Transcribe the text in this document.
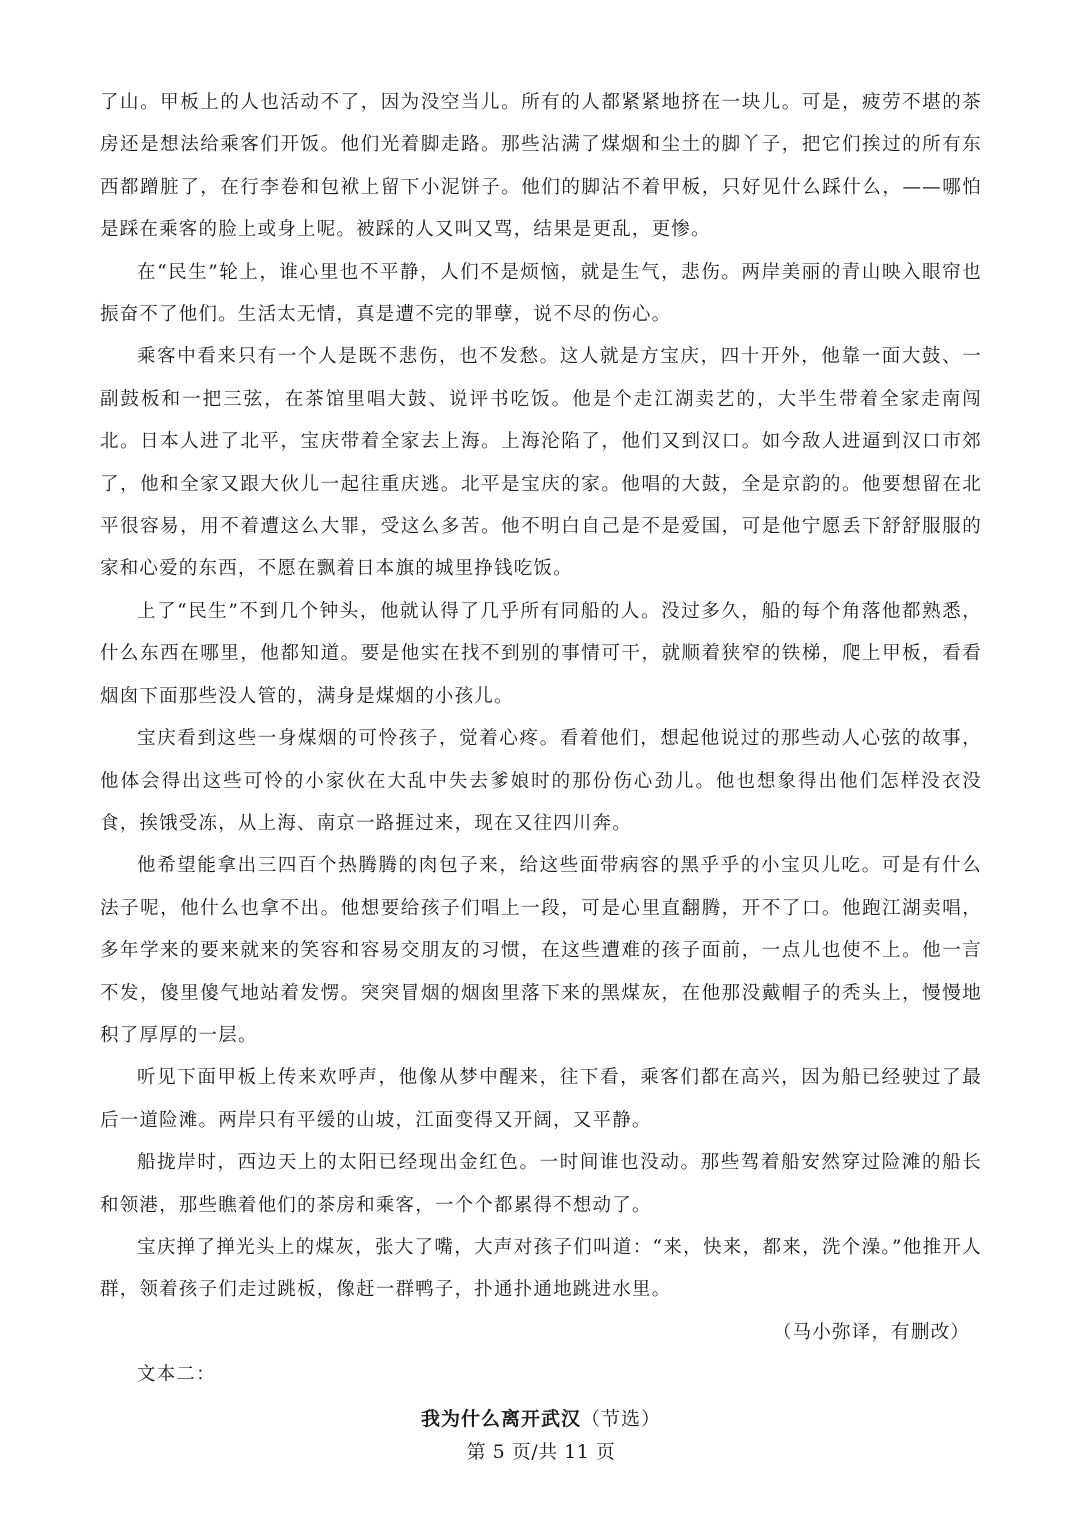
了山。甲板上的人也活动不了，因为没空当儿。所有的人都紧紧地挤在一块儿。可是，疲劳不堪的茶房还是想法给乘客们开饭。他们光着脚走路。那些沾满了煤烟和尘土的脚丫子，把它们挨过的所有东西都蹭脏了，在行李卷和包袱上留下小泥饼子。他们的脚沾不着甲板，只好见什么踩什么，——哪怕是踩在乘客的脸上或身上呢。被踩的人又叫又骂，结果是更乱，更惨。

在“民生”轮上，谁心里也不平静，人们不是烦恼，就是生气，悲伤。两岸美丽的青山映入眼帘也振奋不了他们。生活太无情，真是遭不完的罪孽，说不尽的伤心。

乘客中看来只有一个人是既不悲伤，也不发愁。这人就是方宝庆，四十开外，他靠一面大鼓、一副鼓板和一把三弦，在茶馆里唱大鼓、说评书吃饭。他是个走江湖卖艺的，大半生带着全家走南闯北。日本人进了北平，宝庆带着全家去上海。上海沦陷了，他们又到汉口。如今敌人进逼到汉口市郊了，他和全家又跟大伙儿一起往重庆逃。北平是宝庆的家。他唱的大鼓，全是京韵的。他要想留在北平很容易，用不着遭这么大罪，受这么多苦。他不明白自己是不是爱国，可是他宁愿丢下舒舒服服的家和心爱的东西，不愿在飘着日本旗的城里挣钱吃饭。

上了“民生”不到几个钟头，他就认得了几乎所有同船的人。没过多久，船的每个角落他都熟悉，什么东西在哪里，他都知道。要是他实在找不到别的事情可干，就顺着狭窄的铁梯，爬上甲板，看看烟囱下面那些没人管的，满身是煤烟的小孩儿。

宝庆看到这些一身煤烟的可怜孩子，觉着心疼。看着他们，想起他说过的那些动人心弦的故事，他体会得出这些可怜的小家伙在大乱中失去爹娘时的那份伤心劲儿。他也想象得出他们怎样没衣没食，挨饿受冻，从上海、南京一路捱过来，现在又往四川奔。

他希望能拿出三四百个热腾腾的肉包子来，给这些面带病容的黑乎乎的小宝贝儿吃。可是有什么法子呢，他什么也拿不出。他想要给孩子们唱上一段，可是心里直翻腾，开不了口。他跑江湖卖唱，多年学来的要来就来的笑容和容易交朋友的习惯，在这些遭难的孩子面前，一点儿也使不上。他一言不发，傻里傻气地站着发愣。突突冒烟的烟囱里落下来的黑煤灰，在他那没戴帽子的秃头上，慢慢地积了厚厚的一层。

听见下面甲板上传来欢呼声，他像从梦中醒来，往下看，乘客们都在高兴，因为船已经驶过了最后一道险滩。两岸只有平缓的山坡，江面变得又开阔，又平静。

船拢岸时，西边天上的太阳已经现出金红色。一时间谁也没动。那些驾着船安然穿过险滩的船长和领港，那些瞧着他们的茶房和乘客，一个个都累得不想动了。

宝庆掸了掸光头上的煤灰，张大了嘴，大声对孩子们叫道：“来，快来，都来，洗个澡。”他推开人群，领着孩子们走过跳板，像赶一群鸭子，扑通扑通地跳进水里。

（马小弥译，有删改）
文本二：
我为什么离开武汉（节选）
第 5 页/共 11 页
